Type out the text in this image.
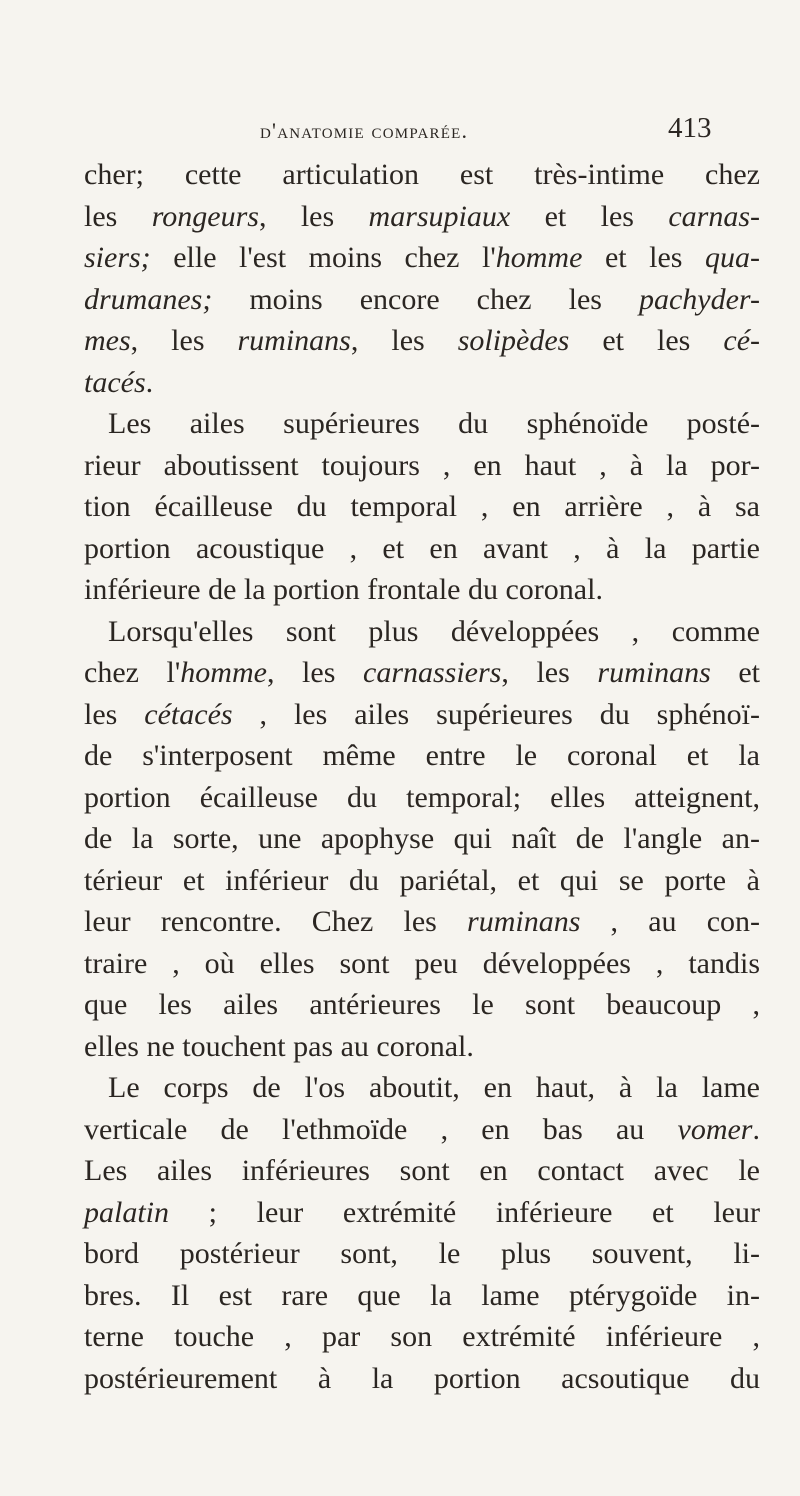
d'anatomie comparée.	413
cher; cette articulation est très-intime chez
les rongeurs, les marsupiaux et les carnas-
siers; elle l'est moins chez l'homme et les qua-
drumanes; moins encore chez les pachyder-
mes, les ruminans, les solipèdes et les cé-
tacés.
Les ailes supérieures du sphénoïde posté-
rieur aboutissent toujours , en haut , à la por-
tion écailleuse du temporal , en arrière , à sa
portion acoustique , et en avant , à la partie
inférieure de la portion frontale du coronal.
Lorsqu'elles sont plus développées , comme
chez l'homme, les carnassiers, les ruminans et
les cétacés , les ailes supérieures du sphénoï-
de s'interposent même entre le coronal et la
portion écailleuse du temporal; elles atteignent,
de la sorte, une apophyse qui naît de l'angle an-
térieur et inférieur du pariétal, et qui se porte à
leur rencontre. Chez les ruminans , au con-
traire , où elles sont peu développées , tandis
que les ailes antérieures le sont beaucoup ,
elles ne touchent pas au coronal.
Le corps de l'os aboutit, en haut, à la lame
verticale de l'ethmoïde , en bas au vomer.
Les ailes inférieures sont en contact avec le
palatin ; leur extrémité inférieure et leur
bord postérieur sont, le plus souvent, li-
bres. Il est rare que la lame ptérygoïde in-
terne touche , par son extrémité inférieure ,
postérieurement à la portion acsoutique du
